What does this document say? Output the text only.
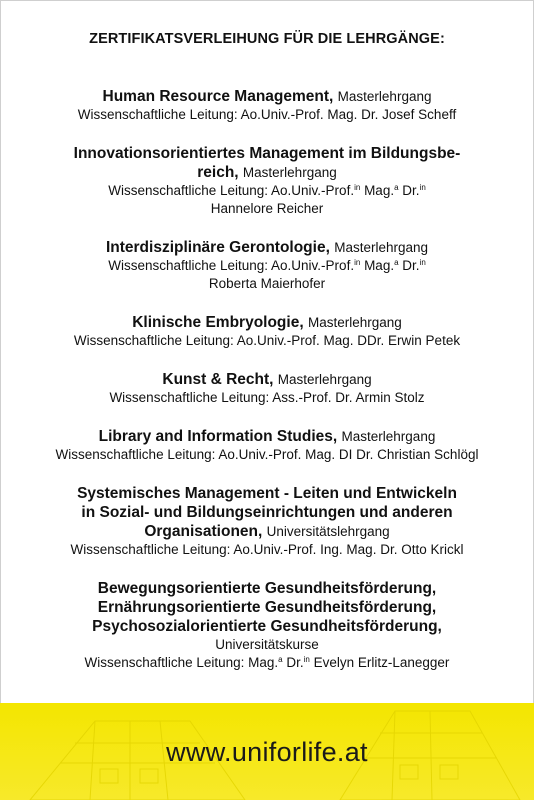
ZERTIFIKATSVERLEIHUNG FÜR DIE LEHRGÄNGE:
Human Resource Management, Masterlehrgang
Wissenschaftliche Leitung: Ao.Univ.-Prof. Mag. Dr. Josef Scheff
Innovationsorientiertes Management im Bildungsbe-
reich, Masterlehrgang
Wissenschaftliche Leitung: Ao.Univ.-Prof.$^{in}$ Mag.$^a$ Dr.$^{in}$
Hannelore Reicher
Interdisziplinäre Gerontologie, Masterlehrgang
Wissenschaftliche Leitung: Ao.Univ.-Prof.$^{in}$ Mag.$^a$ Dr.$^{in}$
Roberta Maierhofer
Klinische Embryologie, Masterlehrgang
Wissenschaftliche Leitung: Ao.Univ.-Prof. Mag. DDr. Erwin Petek
Kunst & Recht, Masterlehrgang
Wissenschaftliche Leitung: Ass.-Prof. Dr. Armin Stolz
Library and Information Studies, Masterlehrgang
Wissenschaftliche Leitung: Ao.Univ.-Prof. Mag. DI Dr. Christian Schlögl
Systemisches Management - Leiten und Entwickeln
in Sozial- und Bildungseinrichtungen und anderen
Organisationen, Universitätslehrgang
Wissenschaftliche Leitung: Ao.Univ.-Prof. Ing. Mag. Dr. Otto Krickl
Bewegungsorientierte Gesundheitsförderung,
Ernährungsorientierte Gesundheitsförderung,
Psychosozialorientierte Gesundheitsförderung,
Universitätskurse
Wissenschaftliche Leitung: Mag.$^a$ Dr.$^{in}$ Evelyn Erlitz-Lanegger
www.uniforlife.at
